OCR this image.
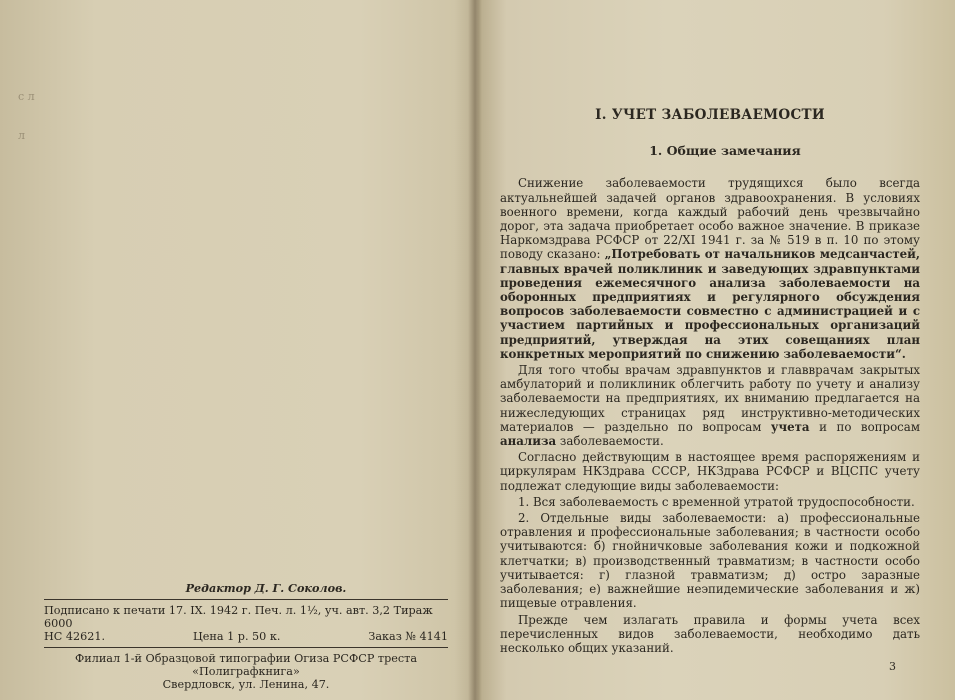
с л

л
Редактор Д. Г. Соколов.
Подписано к печати 17. IX. 1942 г. Печ. л. 1½, уч. авт. 3,2 Тираж 6000
НС 42621.	Цена 1 р. 50 к.	Заказ № 4141
Филиал 1-й Образцовой типографии Огиза РСФСР треста «Полиграфкнига»
Свердловск, ул. Ленина, 47.
I. УЧЕТ ЗАБОЛЕВАЕМОСТИ
1. Общие замечания

Снижение заболеваемости трудящихся было всегда актуальнейшей задачей органов здравоохранения. В условиях военного времени, когда каждый рабочий день чрезвычайно дорог, эта задача приобретает особо важное значение. В приказе Наркомздрава РСФСР от 22/XI 1941 г. за № 519 в п. 10 по этому поводу сказано: „Потребовать от начальников медсанчастей, главных врачей поликлиник и заведующих здравпунктами проведения ежемесячного анализа заболеваемости на оборонных предприятиях и регулярного обсуждения вопросов заболеваемости совместно с администрацией и с участием партийных и профессиональных организаций предприятий, утверждая на этих совещаниях план конкретных мероприятий по снижению заболеваемости“.

Для того чтобы врачам здравпунктов и главврачам закрытых амбулаторий и поликлиник облегчить работу по учету и анализу заболеваемости на предприятиях, их вниманию предлагается на нижеследующих страницах ряд инструктивно-методических материалов — раздельно по вопросам учета и по вопросам анализа заболеваемости.

Согласно действующим в настоящее время распоряжениям и циркулярам НКЗдрава СССР, НКЗдрава РСФСР и ВЦСПС учету подлежат следующие виды заболеваемости:

1. Вся заболеваемость с временной утратой трудоспособности.

2. Отдельные виды заболеваемости: а) профессиональные отравления и профессиональные заболевания; в частности особо учитываются: б) гнойничковые заболевания кожи и подкожной клетчатки; в) производственный травматизм; в частности особо учитывается: г) глазной травматизм; д) остро заразные заболевания; е) важнейшие неэпидемические заболевания и ж) пищевые отравления.

Прежде чем излагать правила и формы учета всех перечисленных видов заболеваемости, необходимо дать несколько общих указаний.

3
